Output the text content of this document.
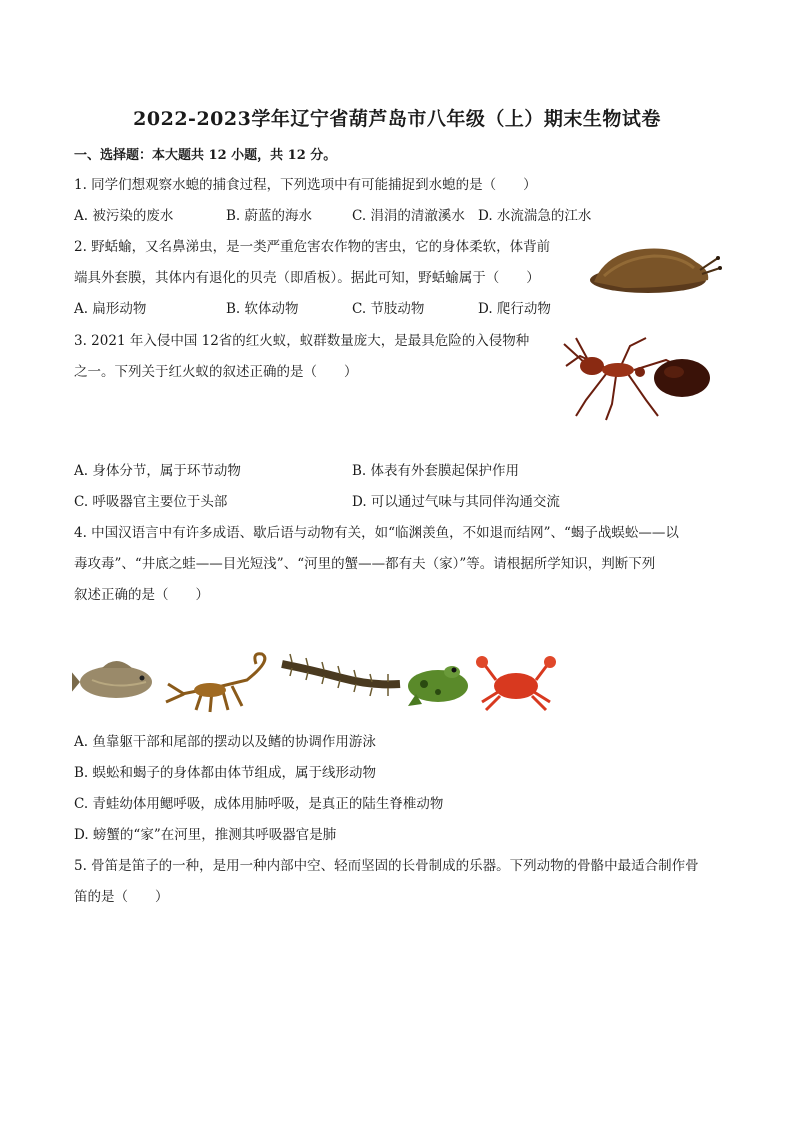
2022-2023学年辽宁省葫芦岛市八年级（上）期末生物试卷
一、选择题：本大题共 12 小题，共 12 分。
1. 同学们想观察水螅的捕食过程，下列选项中有可能捕捉到水螅的是（　　）
A. 被污染的废水	B. 蔚蓝的海水	C. 涓涓的清澈溪水 D. 水流湍急的江水
2. 野蛞蝓，又名鼻涕虫，是一类严重危害农作物的害虫，它的身体柔软，体背前
端具外套膜，其体内有退化的贝壳（即盾板）。据此可知，野蛞蝓属于（　　）
A. 扁形动物	B. 软体动物	C. 节肢动物	D. 爬行动物
3. 2021 年入侵中国 12省的红火蚁，蚁群数量庞大，是最具危险的入侵物种
之一。下列关于红火蚁的叙述正确的是（　　）
A. 身体分节，属于环节动物	B. 体表有外套膜起保护作用
C. 呼吸器官主要位于头部	D. 可以通过气味与其同伴沟通交流
4. 中国汉语言中有许多成语、歇后语与动物有关，如“临渊羡鱼，不如退而结网”、“蝎子战蜈蚣——以
毒攻毒”、“井底之蛙——目光短浅”、“河里的蟹——都有夫（家）”等。请根据所学知识，判断下列
叙述正确的是（　　）
A. 鱼靠躯干部和尾部的摆动以及鳍的协调作用游泳
B. 蜈蚣和蝎子的身体都由体节组成，属于线形动物
C. 青蛙幼体用鳃呼吸，成体用肺呼吸，是真正的陆生脊椎动物
D. 螃蟹的“家”在河里，推测其呼吸器官是肺
5. 骨笛是笛子的一种，是用一种内部中空、轻而坚固的长骨制成的乐器。下列动物的骨骼中最适合制作骨
笛的是（　　）
